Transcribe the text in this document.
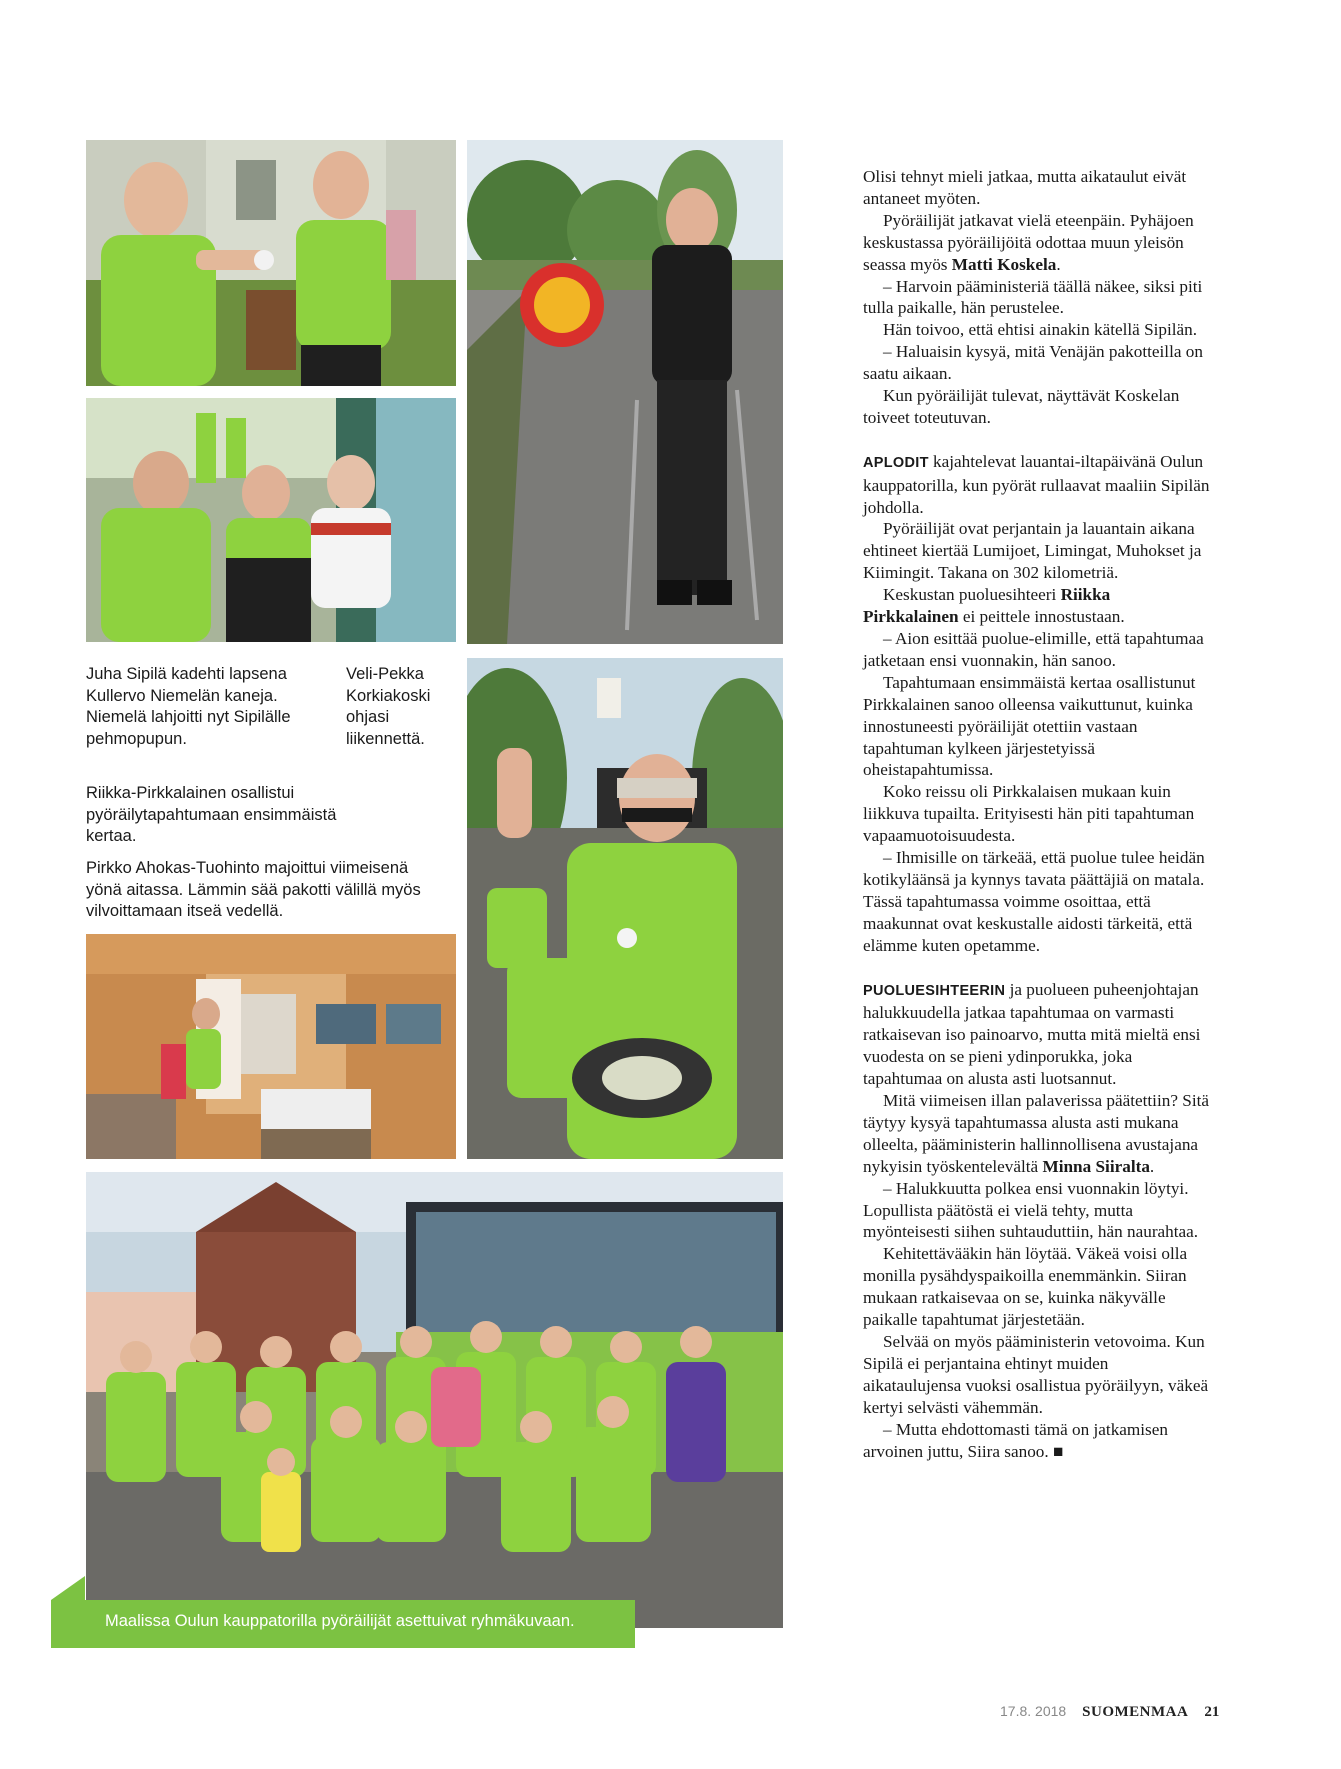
Juha Sipilä kadehti lapsena Kullervo Niemelän kaneja. Niemelä lahjoitti nyt Sipilälle pehmopupun.

Veli-Pekka Korkiakoski ohjasi liikennettä.

Riikka-Pirkkalainen osallistui pyöräilytapahtumaan ensimmäistä kertaa.

Pirkko Ahokas-Tuohinto majoittui viimeisenä yönä aitassa. Lämmin sää pakotti välillä myös vilvoittamaan itseä vedellä.

Maalissa Oulun kauppatorilla pyöräilijät asettuivat ryhmäkuvaan.

Olisi tehnyt mieli jatkaa, mutta aikataulut eivät antaneet myöten.

Pyöräilijät jatkavat vielä eteenpäin. Pyhäjoen keskustassa pyöräilijöitä odottaa muun yleisön seassa myös Matti Koskela.

– Harvoin pääministeriä täällä näkee, siksi piti tulla paikalle, hän perustelee.

Hän toivoo, että ehtisi ainakin kätellä Sipilän.

– Haluaisin kysyä, mitä Venäjän pakotteilla on saatu aikaan.

Kun pyöräilijät tulevat, näyttävät Koskelan toiveet toteutuvan.

APLODIT kajahtelevat lauantai-iltapäivänä Oulun kauppatorilla, kun pyörät rullaavat maaliin Sipilän johdolla.

Pyöräilijät ovat perjantain ja lauantain aikana ehtineet kiertää Lumijoet, Limingat, Muhokset ja Kiimingit. Takana on 302 kilometriä.

Keskustan puoluesihteeri Riikka Pirkkalainen ei peittele innostustaan.

– Aion esittää puolue-elimille, että tapahtumaa jatketaan ensi vuonnakin, hän sanoo.

Tapahtumaan ensimmäistä kertaa osallistunut Pirkkalainen sanoo olleensa vaikuttunut, kuinka innostuneesti pyöräilijät otettiin vastaan tapahtuman kylkeen järjestetyissä oheistapahtumissa.

Koko reissu oli Pirkkalaisen mukaan kuin liikkuva tupailta. Erityisesti hän piti tapahtuman vapaamuotoisuudesta.

– Ihmisille on tärkeää, että puolue tulee heidän kotikyläänsä ja kynnys tavata päättäjiä on matala. Tässä tapahtumassa voimme osoittaa, että maakunnat ovat keskustalle aidosti tärkeitä, että elämme kuten opetamme.

PUOLUESIHTEERIN ja puolueen puheenjohtajan halukkuudella jatkaa tapahtumaa on varmasti ratkaisevan iso painoarvo, mutta mitä mieltä ensi vuodesta on se pieni ydinporukka, joka tapahtumaa on alusta asti luotsannut.

Mitä viimeisen illan palaverissa päätettiin? Sitä täytyy kysyä tapahtumassa alusta asti mukana olleelta, pääministerin hallinnollisena avustajana nykyisin työskentelevältä Minna Siiralta.

– Halukkuutta polkea ensi vuonnakin löytyi. Lopullista päätöstä ei vielä tehty, mutta myönteisesti siihen suhtauduttiin, hän naurahtaa.

Kehitettävääkin hän löytää. Väkeä voisi olla monilla pysähdyspaikoilla enemmänkin. Siiran mukaan ratkaisevaa on se, kuinka näkyvälle paikalle tapahtumat järjestetään.

Selvää on myös pääministerin vetovoima. Kun Sipilä ei perjantaina ehtinyt muiden aikataulujensa vuoksi osallistua pyöräilyyn, väkeä kertyi selvästi vähemmän.

– Mutta ehdottomasti tämä on jatkamisen arvoinen juttu, Siira sanoo. ■

17.8. 2018 SUOMENMAA 21
